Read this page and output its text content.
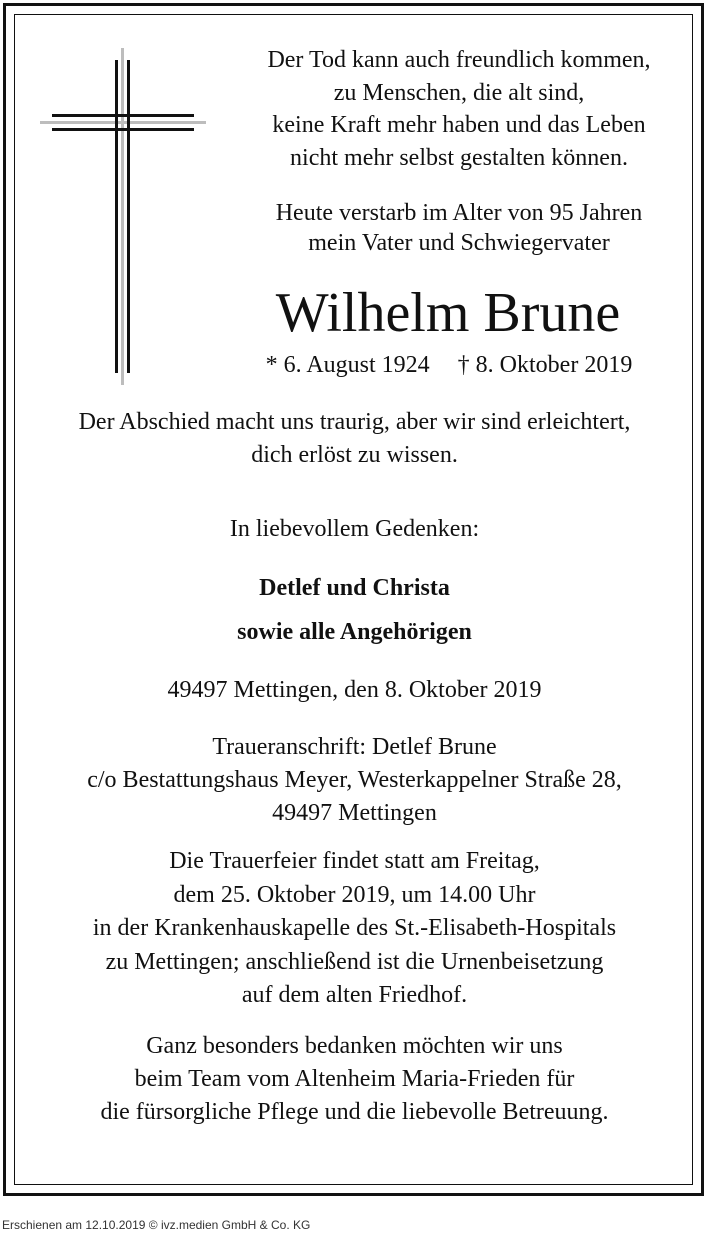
Der Tod kann auch freundlich kommen,
zu Menschen, die alt sind,
keine Kraft mehr haben und das Leben
nicht mehr selbst gestalten können.
Heute verstarb im Alter von 95 Jahren
mein Vater und Schwiegervater
Wilhelm Brune
* 6. August 1924 † 8. Oktober 2019
Der Abschied macht uns traurig, aber wir sind erleichtert,
dich erlöst zu wissen.
In liebevollem Gedenken:
Detlef und Christa
sowie alle Angehörigen
49497 Mettingen, den 8. Oktober 2019
Traueranschrift: Detlef Brune
c/o Bestattungshaus Meyer, Westerkappelner Straße 28,
49497 Mettingen
Die Trauerfeier findet statt am Freitag,
dem 25. Oktober 2019, um 14.00 Uhr
in der Krankenhauskapelle des St.-Elisabeth-Hospitals
zu Mettingen; anschließend ist die Urnenbeisetzung
auf dem alten Friedhof.
Ganz besonders bedanken möchten wir uns
beim Team vom Altenheim Maria-Frieden für
die fürsorgliche Pflege und die liebevolle Betreuung.
Erschienen am 12.10.2019 © ivz.medien GmbH & Co. KG
